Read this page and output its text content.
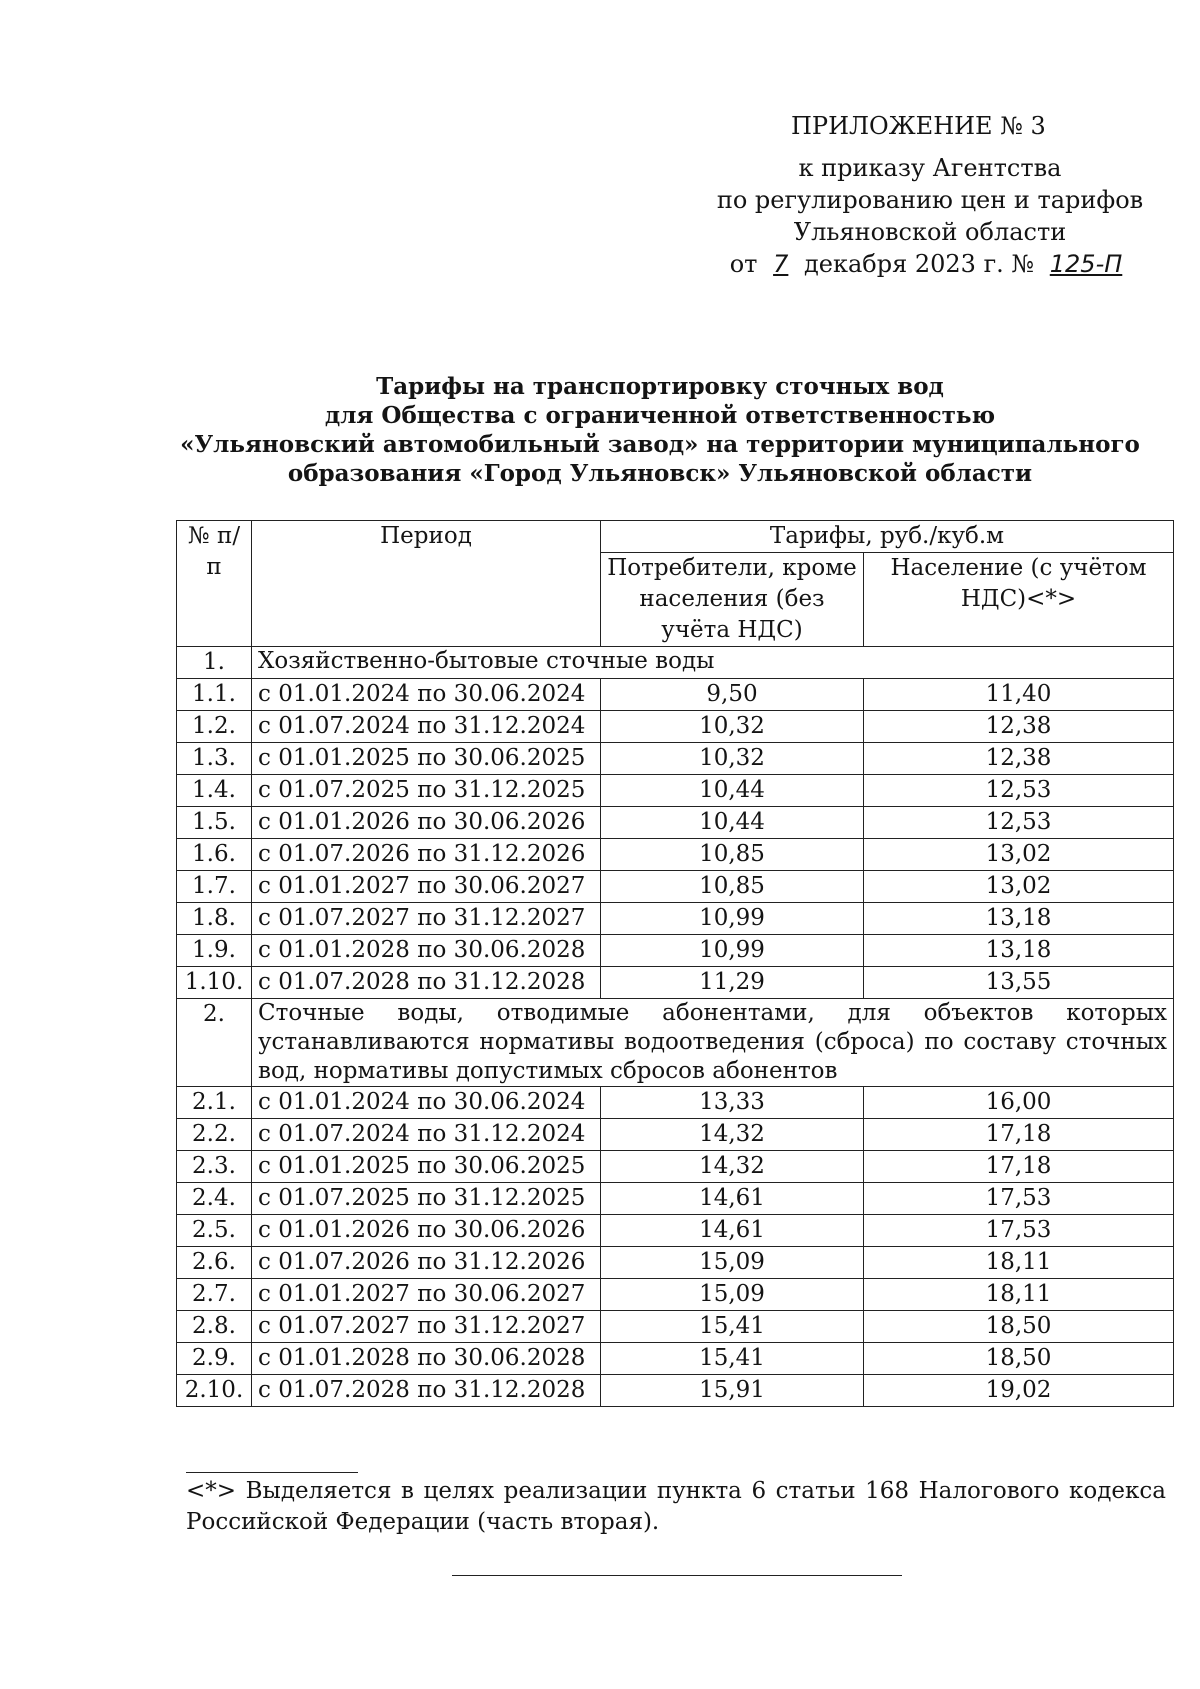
ПРИЛОЖЕНИЕ № 3
к приказу Агентства
по регулированию цен и тарифов
Ульяновской области
от 7 декабря 2023 г. № 125-П
Тарифы на транспортировку сточных вод
для Общества с ограниченной ответственностью
«Ульяновский автомобильный завод» на территории муниципального
образования «Город Ульяновск» Ульяновской области
№ п/п	Период	Тарифы, руб./куб.м	
		Потребители, кроме населения (без учёта НДС)	Население (с учётом НДС)<*>
1.	Хозяйственно-бытовые сточные воды		
1.1.	с 01.01.2024 по 30.06.2024	9,50	11,40
1.2.	с 01.07.2024 по 31.12.2024	10,32	12,38
1.3.	с 01.01.2025 по 30.06.2025	10,32	12,38
1.4.	с 01.07.2025 по 31.12.2025	10,44	12,53
1.5.	с 01.01.2026 по 30.06.2026	10,44	12,53
1.6.	с 01.07.2026 по 31.12.2026	10,85	13,02
1.7.	с 01.01.2027 по 30.06.2027	10,85	13,02
1.8.	с 01.07.2027 по 31.12.2027	10,99	13,18
1.9.	с 01.01.2028 по 30.06.2028	10,99	13,18
1.10.	с 01.07.2028 по 31.12.2028	11,29	13,55
2.	Сточные воды, отводимые абонентами, для объектов которых устанавливаются нормативы водоотведения (сброса) по составу сточных вод, нормативы допустимых сбросов абонентов		
2.1.	с 01.01.2024 по 30.06.2024	13,33	16,00
2.2.	с 01.07.2024 по 31.12.2024	14,32	17,18
2.3.	с 01.01.2025 по 30.06.2025	14,32	17,18
2.4.	с 01.07.2025 по 31.12.2025	14,61	17,53
2.5.	с 01.01.2026 по 30.06.2026	14,61	17,53
2.6.	с 01.07.2026 по 31.12.2026	15,09	18,11
2.7.	с 01.01.2027 по 30.06.2027	15,09	18,11
2.8.	с 01.07.2027 по 31.12.2027	15,41	18,50
2.9.	с 01.01.2028 по 30.06.2028	15,41	18,50
2.10.	с 01.07.2028 по 31.12.2028	15,91	19,02
<*> Выделяется в целях реализации пункта 6 статьи 168 Налогового кодекса Российской Федерации (часть вторая).
